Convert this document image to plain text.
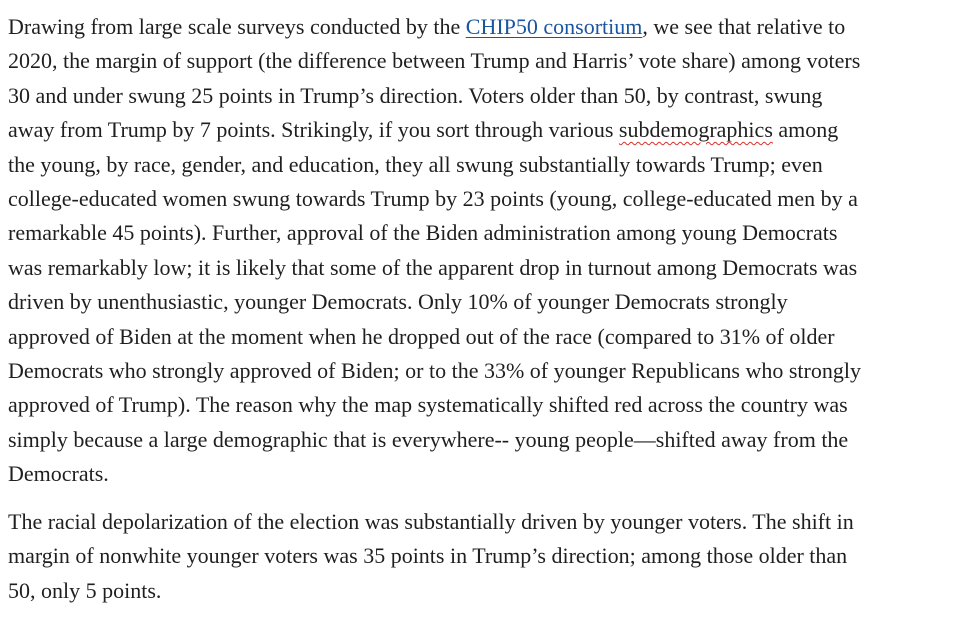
Drawing from large scale surveys conducted by the CHIP50 consortium, we see that relative to
2020, the margin of support (the difference between Trump and Harris’ vote share) among voters
30 and under swung 25 points in Trump’s direction. Voters older than 50, by contrast, swung
away from Trump by 7 points. Strikingly, if you sort through various subdemographics among
the young, by race, gender, and education, they all swung substantially towards Trump; even
college-educated women swung towards Trump by 23 points (young, college-educated men by a
remarkable 45 points). Further, approval of the Biden administration among young Democrats
was remarkably low; it is likely that some of the apparent drop in turnout among Democrats was
driven by unenthusiastic, younger Democrats. Only 10% of younger Democrats strongly
approved of Biden at the moment when he dropped out of the race (compared to 31% of older
Democrats who strongly approved of Biden; or to the 33% of younger Republicans who strongly
approved of Trump). The reason why the map systematically shifted red across the country was
simply because a large demographic that is everywhere-- young people—shifted away from the
Democrats.

The racial depolarization of the election was substantially driven by younger voters. The shift in
margin of nonwhite younger voters was 35 points in Trump’s direction; among those older than
50, only 5 points.
